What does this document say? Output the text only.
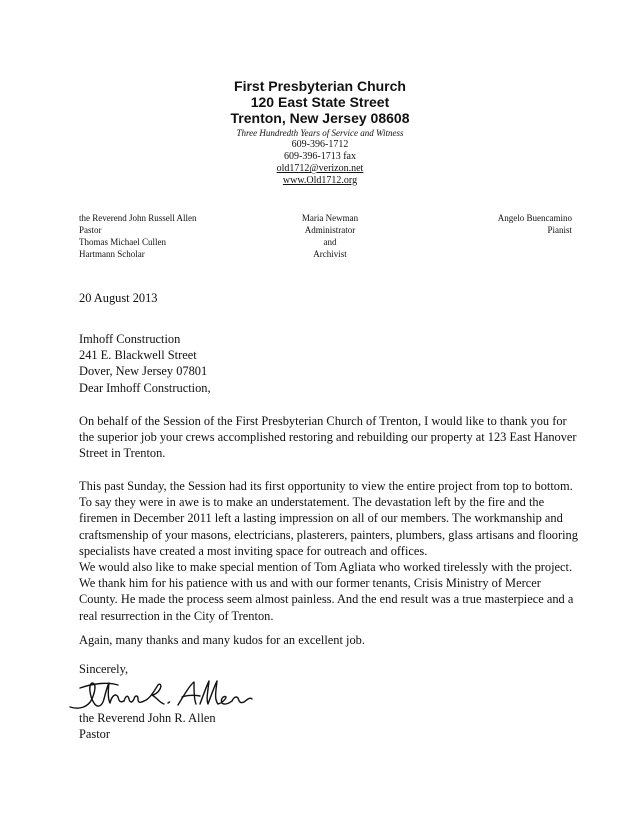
First Presbyterian Church
120 East State Street
Trenton, New Jersey 08608
Three Hundredth Years of Service and Witness
609-396-1712
609-396-1713 fax
old1712@verizon.net
www.Old1712.org
the Reverend John Russell Allen
Pastor
Thomas Michael Cullen
Hartmann Scholar
Maria Newman
Administrator
and
Archivist
Angelo Buencamino
Pianist
20 August 2013
Imhoff Construction
241 E. Blackwell Street
Dover, New Jersey 07801
Dear Imhoff Construction,

On behalf of the Session of the First Presbyterian Church of Trenton, I would like to thank you for the superior job your crews accomplished restoring and rebuilding our property at 123 East Hanover Street in Trenton.

This past Sunday, the Session had its first opportunity to view the entire project from top to bottom. To say they were in awe is to make an understatement. The devastation left by the fire and the firemen in December 2011 left a lasting impression on all of our members. The workmanship and craftsmenship of your masons, electricians, plasterers, painters, plumbers, glass artisans and flooring specialists have created a most inviting space for outreach and offices.

We would also like to make special mention of Tom Agliata who worked tirelessly with the project. We thank him for his patience with us and with our former tenants, Crisis Ministry of Mercer County. He made the process seem almost painless. And the end result was a true masterpiece and a real resurrection in the City of Trenton.

Again, many thanks and many kudos for an excellent job.

Sincerely,
the Reverend John R. Allen
Pastor
